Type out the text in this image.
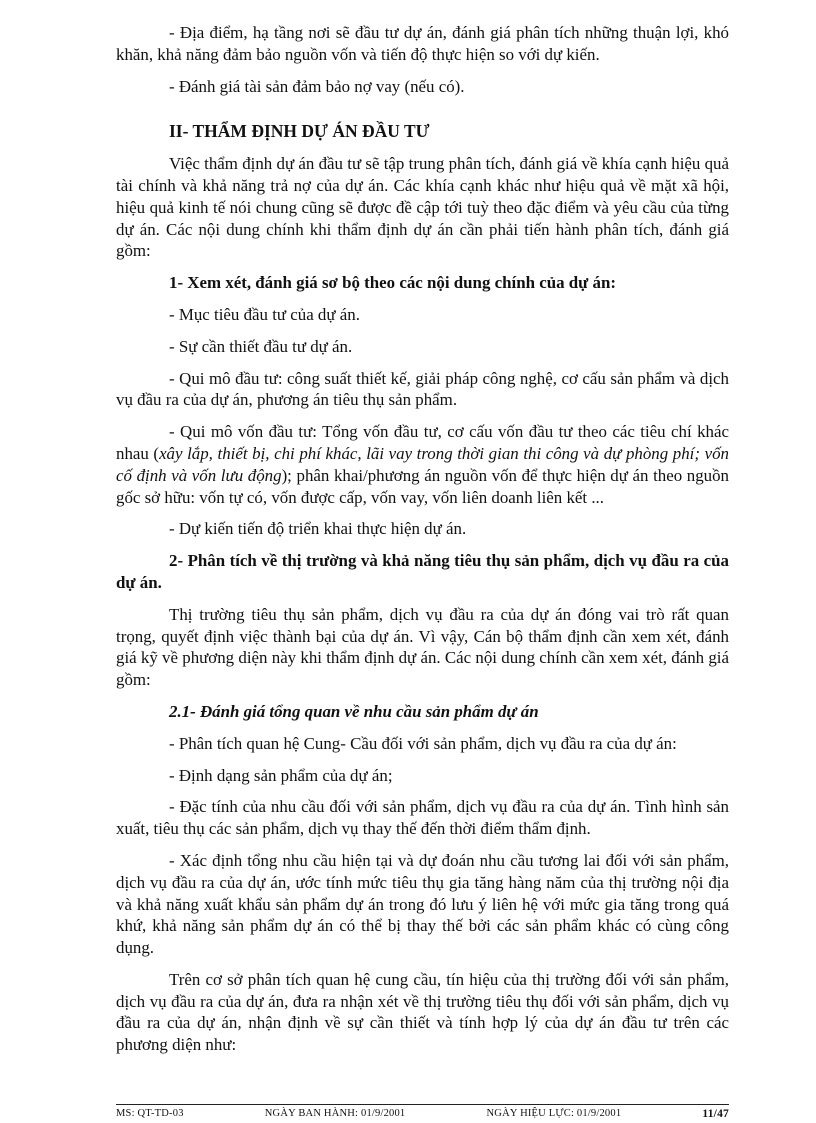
- Địa điểm, hạ tầng nơi sẽ đầu tư dự án, đánh giá phân tích những thuận lợi, khó khăn, khả năng đảm bảo nguồn vốn và tiến độ thực hiện so với dự kiến.

- Đánh giá tài sản đảm bảo nợ vay (nếu có).

II- THẨM ĐỊNH DỰ ÁN ĐẦU TƯ

Việc thẩm định dự án đầu tư sẽ tập trung phân tích, đánh giá về khía cạnh hiệu quả tài chính và khả năng trả nợ của dự án. Các khía cạnh khác như hiệu quả về mặt xã hội, hiệu quả kinh tế nói chung cũng sẽ được đề cập tới tuỳ theo đặc điểm và yêu cầu của từng dự án. Các nội dung chính khi thẩm định dự án cần phải tiến hành phân tích, đánh giá gồm:

1- Xem xét, đánh giá sơ bộ theo các nội dung chính của dự án:

- Mục tiêu đầu tư của dự án.

- Sự cần thiết đầu tư dự án.

- Qui mô đầu tư: công suất thiết kế, giải pháp công nghệ, cơ cấu sản phẩm và dịch vụ đầu ra của dự án, phương án tiêu thụ sản phẩm.

- Qui mô vốn đầu tư: Tổng vốn đầu tư, cơ cấu vốn đầu tư theo các tiêu chí khác nhau (xây lắp, thiết bị, chi phí khác, lãi vay trong thời gian thi công và dự phòng phí; vốn cố định và vốn lưu động); phân khai/phương án nguồn vốn để thực hiện dự án theo nguồn gốc sở hữu: vốn tự có, vốn được cấp, vốn vay, vốn liên doanh liên kết ...

- Dự kiến tiến độ triển khai thực hiện dự án.

2- Phân tích về thị trường và khả năng tiêu thụ sản phẩm, dịch vụ đầu ra của dự án.

Thị trường tiêu thụ sản phẩm, dịch vụ đầu ra của dự án đóng vai trò rất quan trọng, quyết định việc thành bại của dự án. Vì vậy, Cán bộ thẩm định cần xem xét, đánh giá kỹ về phương diện này khi thẩm định dự án. Các nội dung chính cần xem xét, đánh giá gồm:

2.1- Đánh giá tổng quan về nhu cầu sản phẩm dự án

- Phân tích quan hệ Cung- Cầu đối với sản phẩm, dịch vụ đầu ra của dự án:

- Định dạng sản phẩm của dự án;

- Đặc tính của nhu cầu đối với sản phẩm, dịch vụ đầu ra của dự án. Tình hình sản xuất, tiêu thụ các sản phẩm, dịch vụ thay thế đến thời điểm thẩm định.

- Xác định tổng nhu cầu hiện tại và dự đoán nhu cầu tương lai đối với sản phẩm, dịch vụ đầu ra của dự án, ước tính mức tiêu thụ gia tăng hàng năm của thị trường nội địa và khả năng xuất khẩu sản phẩm dự án trong đó lưu ý liên hệ với mức gia tăng trong quá khứ, khả năng sản phẩm dự án có thể bị thay thế bởi các sản phẩm khác có cùng công dụng.

Trên cơ sở phân tích quan hệ cung cầu, tín hiệu của thị trường đối với sản phẩm, dịch vụ đầu ra của dự án, đưa ra nhận xét về thị trường tiêu thụ đối với sản phẩm, dịch vụ đầu ra của dự án, nhận định về sự cần thiết và tính hợp lý của dự án đầu tư trên các phương diện như:

MS: QT-TD-03	NGÀY BAN HÀNH: 01/9/2001	NGÀY HIỆU LỰC: 01/9/2001	11/47
